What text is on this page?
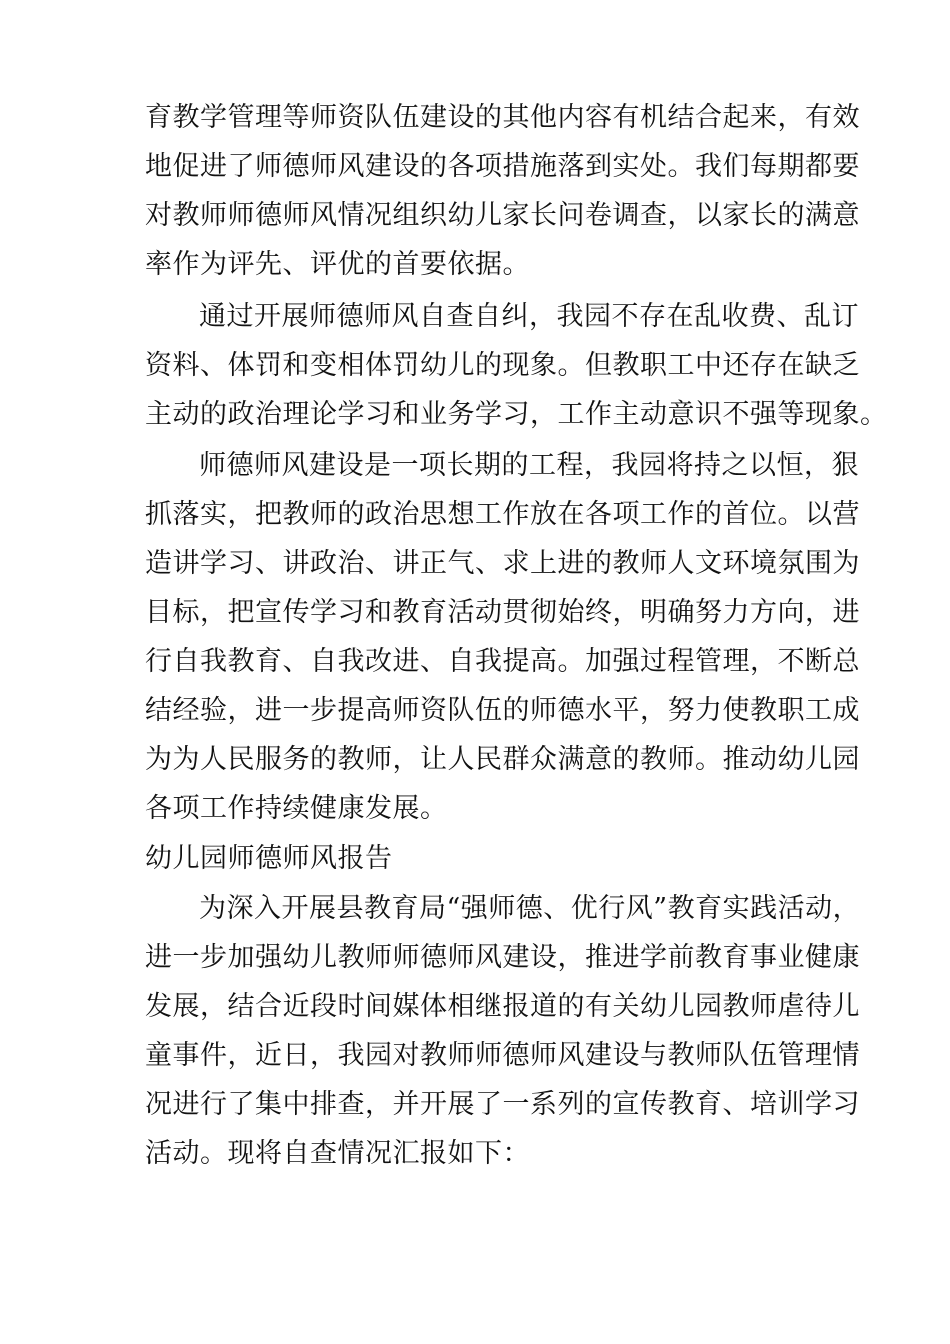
育教学管理等师资队伍建设的其他内容有机结合起来，有效
地促进了师德师风建设的各项措施落到实处。我们每期都要
对教师师德师风情况组织幼儿家长问卷调查，以家长的满意
率作为评先、评优的首要依据。
通过开展师德师风自查自纠，我园不存在乱收费、乱订
资料、体罚和变相体罚幼儿的现象。但教职工中还存在缺乏
主动的政治理论学习和业务学习，工作主动意识不强等现象。
师德师风建设是一项长期的工程，我园将持之以恒，狠
抓落实，把教师的政治思想工作放在各项工作的首位。以营
造讲学习、讲政治、讲正气、求上进的教师人文环境氛围为
目标，把宣传学习和教育活动贯彻始终，明确努力方向，进
行自我教育、自我改进、自我提高。加强过程管理，不断总
结经验，进一步提高师资队伍的师德水平，努力使教职工成
为为人民服务的教师，让人民群众满意的教师。推动幼儿园
各项工作持续健康发展。
幼儿园师德师风报告
为深入开展县教育局“强师德、优行风”教育实践活动，
进一步加强幼儿教师师德师风建设，推进学前教育事业健康
发展，结合近段时间媒体相继报道的有关幼儿园教师虐待儿
童事件，近日，我园对教师师德师风建设与教师队伍管理情
况进行了集中排查，并开展了一系列的宣传教育、培训学习
活动。现将自查情况汇报如下：
